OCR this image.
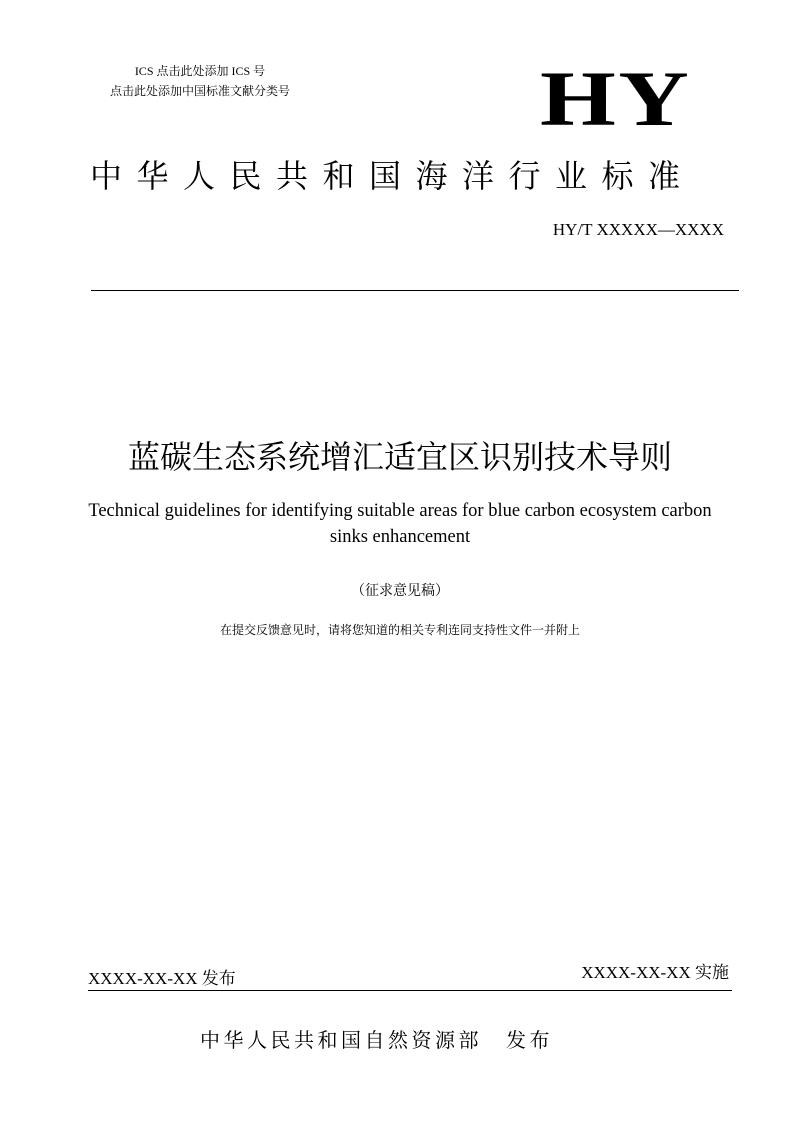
ICS 点击此处添加 ICS 号
点击此处添加中国标准文献分类号	HY
中华人民共和国海洋行业标准
HY/T XXXXX—XXXX
蓝碳生态系统增汇适宜区识别技术导则
Technical guidelines for identifying suitable areas for blue carbon ecosystem carbon sinks enhancement
（征求意见稿）
在提交反馈意见时，请将您知道的相关专利连同支持性文件一并附上
XXXX-XX-XX 发布	XXXX-XX-XX 实施
中华人民共和国自然资源部 发布
